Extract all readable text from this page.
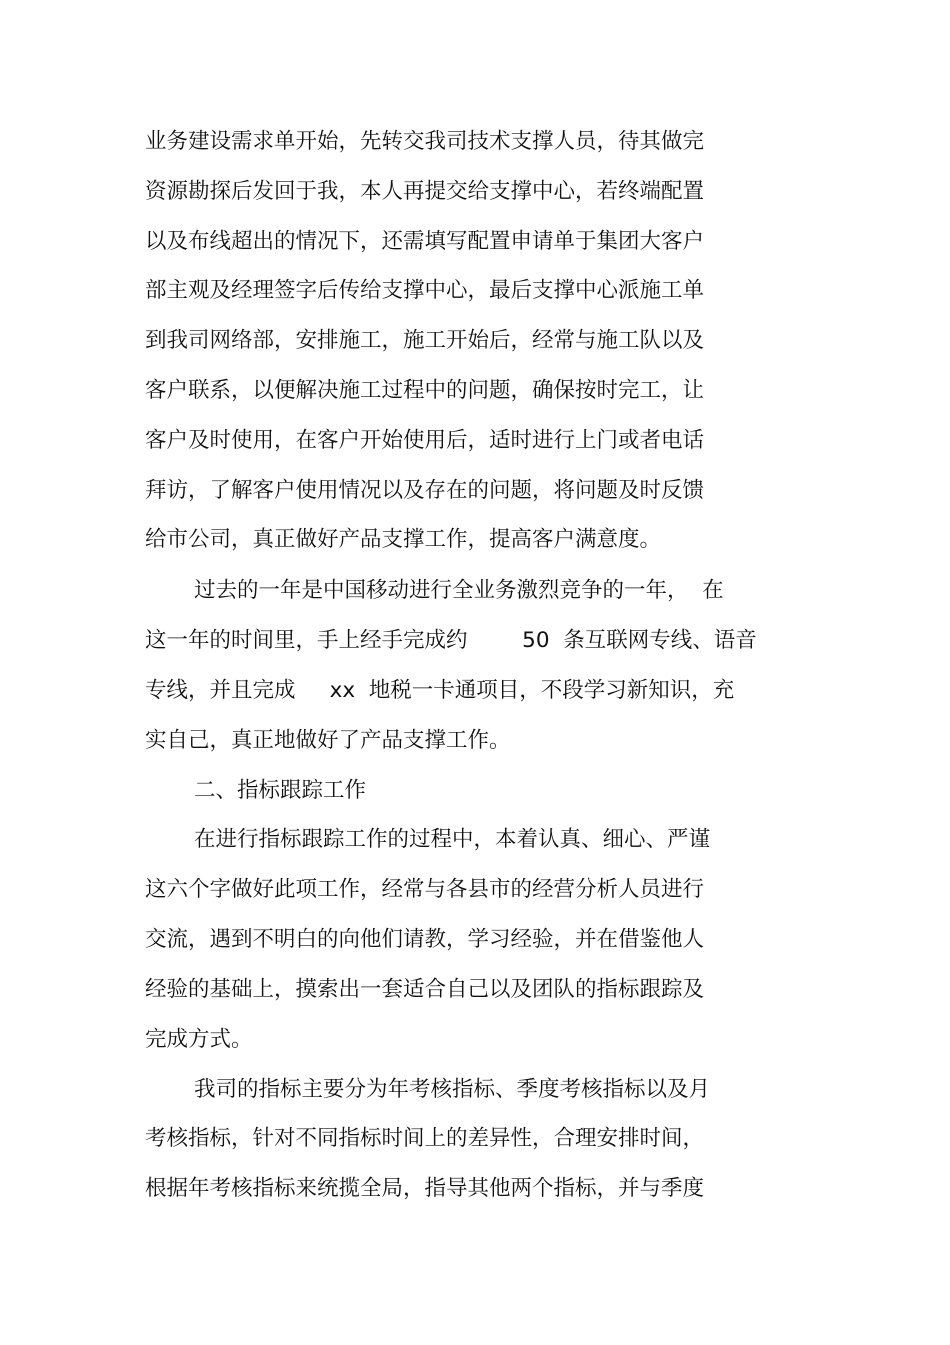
业务建设需求单开始，先转交我司技术支撑人员，待其做完
资源勘探后发回于我，本人再提交给支撑中心，若终端配置
以及布线超出的情况下，还需填写配置申请单于集团大客户
部主观及经理签字后传给支撑中心，最后支撑中心派施工单
到我司网络部，安排施工，施工开始后，经常与施工队以及
客户联系，以便解决施工过程中的问题，确保按时完工，让
客户及时使用，在客户开始使用后，适时进行上门或者电话
拜访，了解客户使用情况以及存在的问题，将问题及时反馈
给市公司，真正做好产品支撑工作，提高客户满意度。
过去的一年是中国移动进行全业务激烈竞争的一年，  在
这一年的时间里，手上经手完成约        50  条互联网专线、语音
专线，并且完成     xx  地税一卡通项目，不段学习新知识，充
实自己，真正地做好了产品支撑工作。
二、指标跟踪工作
在进行指标跟踪工作的过程中，本着认真、细心、严谨
这六个字做好此项工作，经常与各县市的经营分析人员进行
交流，遇到不明白的向他们请教，学习经验，并在借鉴他人
经验的基础上，摸索出一套适合自己以及团队的指标跟踪及
完成方式。
我司的指标主要分为年考核指标、季度考核指标以及月
考核指标，针对不同指标时间上的差异性，合理安排时间，
根据年考核指标来统揽全局，指导其他两个指标，并与季度
